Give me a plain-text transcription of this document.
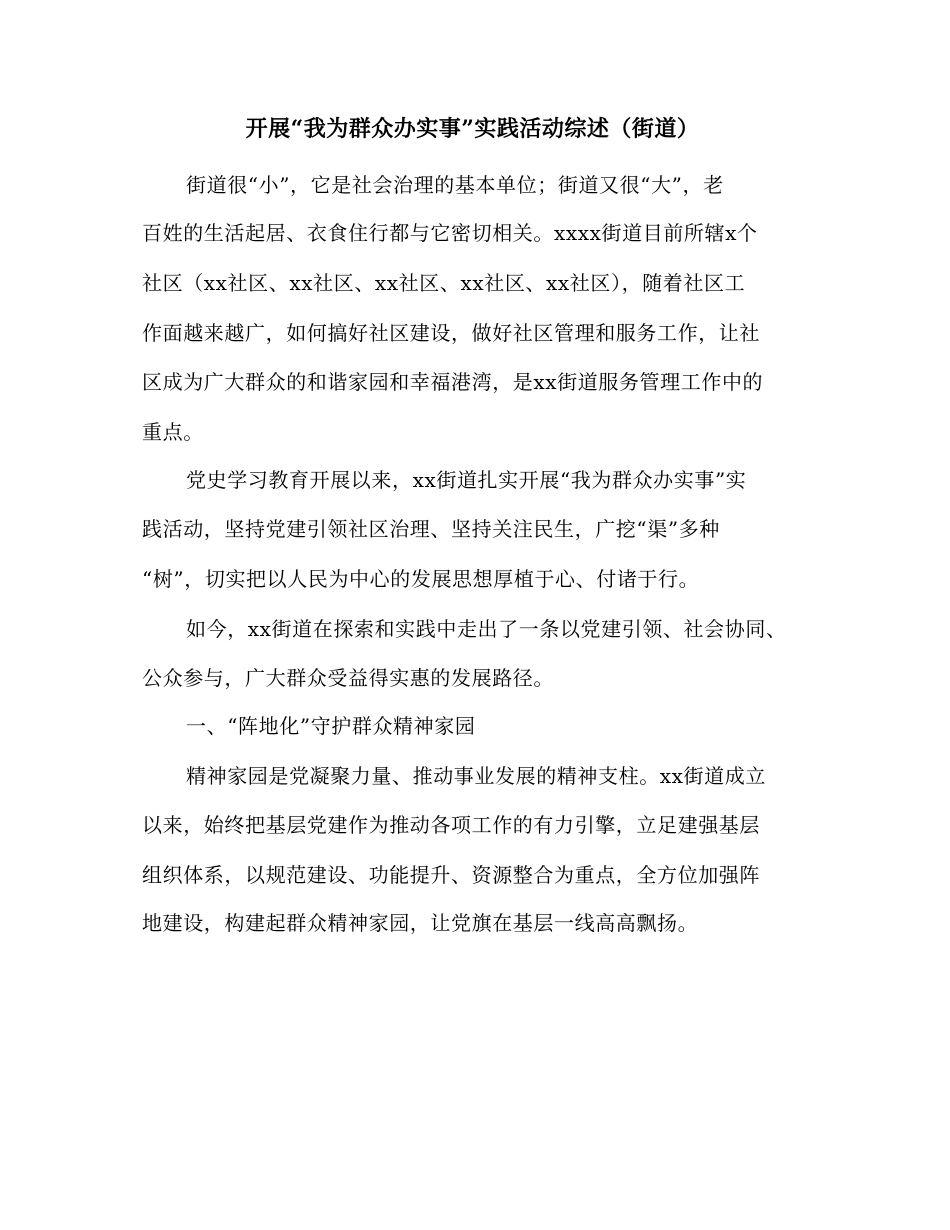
开展“我为群众办实事”实践活动综述（街道）
街道很“小”，它是社会治理的基本单位；街道又很“大”，老
百姓的生活起居、衣食住行都与它密切相关。xxxx街道目前所辖x个
社区（xx社区、xx社区、xx社区、xx社区、xx社区），随着社区工
作面越来越广，如何搞好社区建设，做好社区管理和服务工作，让社
区成为广大群众的和谐家园和幸福港湾，是xx街道服务管理工作中的
重点。
党史学习教育开展以来，xx街道扎实开展“我为群众办实事”实
践活动，坚持党建引领社区治理、坚持关注民生，广挖“渠”多种
“树”，切实把以人民为中心的发展思想厚植于心、付诸于行。
如今，xx街道在探索和实践中走出了一条以党建引领、社会协同、
公众参与，广大群众受益得实惠的发展路径。
一、“阵地化”守护群众精神家园
精神家园是党凝聚力量、推动事业发展的精神支柱。xx街道成立
以来，始终把基层党建作为推动各项工作的有力引擎，立足建强基层
组织体系，以规范建设、功能提升、资源整合为重点，全方位加强阵
地建设，构建起群众精神家园，让党旗在基层一线高高飘扬。
